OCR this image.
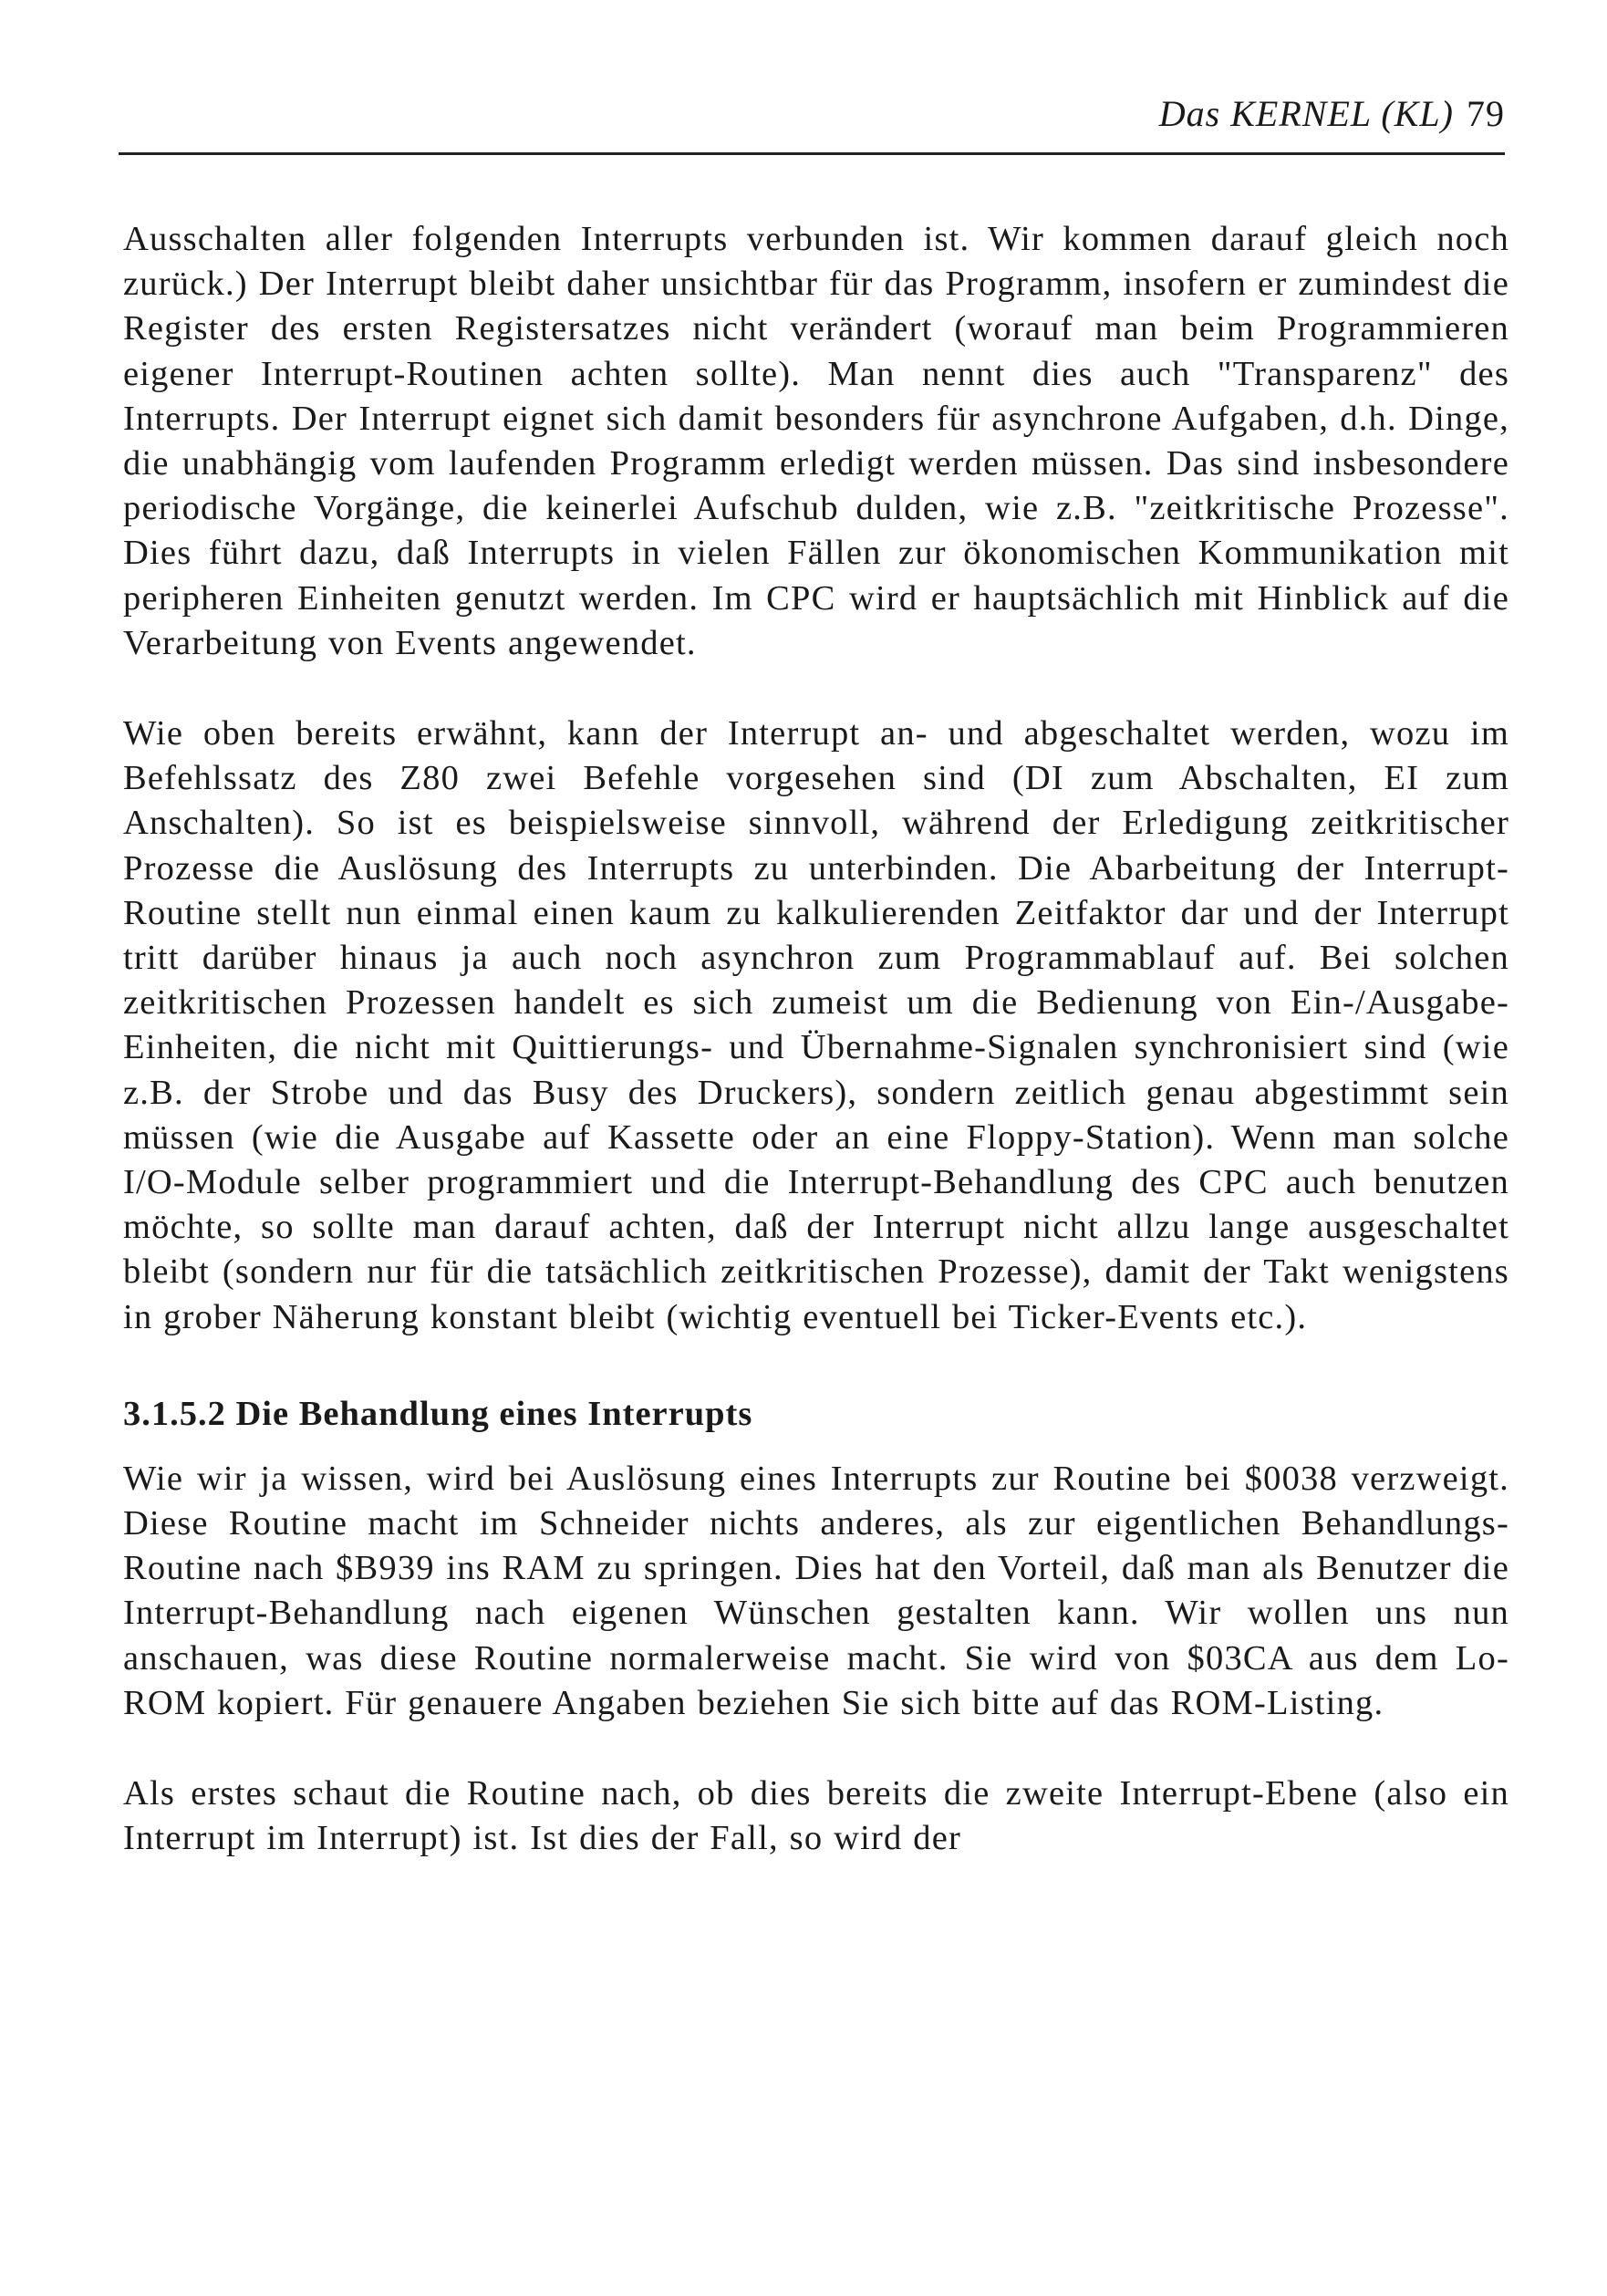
Das KERNEL (KL) 79

Ausschalten aller folgenden Interrupts verbunden ist. Wir kommen darauf gleich noch zurück.) Der Interrupt bleibt daher unsichtbar für das Programm, insofern er zumindest die Register des ersten Registersatzes nicht verändert (worauf man beim Programmieren eigener Interrupt-Routinen achten sollte). Man nennt dies auch "Transparenz" des Interrupts. Der Interrupt eignet sich damit besonders für asynchrone Aufgaben, d.h. Dinge, die unabhängig vom laufenden Programm erledigt werden müssen. Das sind insbesondere periodische Vorgänge, die keinerlei Aufschub dulden, wie z.B. "zeitkritische Prozesse". Dies führt dazu, daß Interrupts in vielen Fällen zur ökonomischen Kommunikation mit peripheren Einheiten genutzt werden. Im CPC wird er hauptsächlich mit Hinblick auf die Verarbeitung von Events angewendet.

Wie oben bereits erwähnt, kann der Interrupt an- und abgeschaltet werden, wozu im Befehlssatz des Z80 zwei Befehle vorgesehen sind (DI zum Abschalten, EI zum Anschalten). So ist es beispielsweise sinnvoll, während der Erledigung zeitkritischer Prozesse die Auslösung des Interrupts zu unterbinden. Die Abarbeitung der Interrupt-Routine stellt nun einmal einen kaum zu kalkulierenden Zeitfaktor dar und der Interrupt tritt darüber hinaus ja auch noch asynchron zum Programmablauf auf. Bei solchen zeitkritischen Prozessen handelt es sich zumeist um die Bedienung von Ein-/Ausgabe-Einheiten, die nicht mit Quittierungs- und Übernahme-Signalen synchronisiert sind (wie z.B. der Strobe und das Busy des Druckers), sondern zeitlich genau abgestimmt sein müssen (wie die Ausgabe auf Kassette oder an eine Floppy-Station). Wenn man solche I/O-Module selber programmiert und die Interrupt-Behandlung des CPC auch benutzen möchte, so sollte man darauf achten, daß der Interrupt nicht allzu lange ausgeschaltet bleibt (sondern nur für die tatsächlich zeitkritischen Prozesse), damit der Takt wenigstens in grober Näherung konstant bleibt (wichtig eventuell bei Ticker-Events etc.).

3.1.5.2 Die Behandlung eines Interrupts

Wie wir ja wissen, wird bei Auslösung eines Interrupts zur Routine bei $0038 verzweigt. Diese Routine macht im Schneider nichts anderes, als zur eigentlichen Behandlungs-Routine nach $B939 ins RAM zu springen. Dies hat den Vorteil, daß man als Benutzer die Interrupt-Behandlung nach eigenen Wünschen gestalten kann. Wir wollen uns nun anschauen, was diese Routine normalerweise macht. Sie wird von $03CA aus dem Lo-ROM kopiert. Für genauere Angaben beziehen Sie sich bitte auf das ROM-Listing.

Als erstes schaut die Routine nach, ob dies bereits die zweite Interrupt-Ebene (also ein Interrupt im Interrupt) ist. Ist dies der Fall, so wird der
